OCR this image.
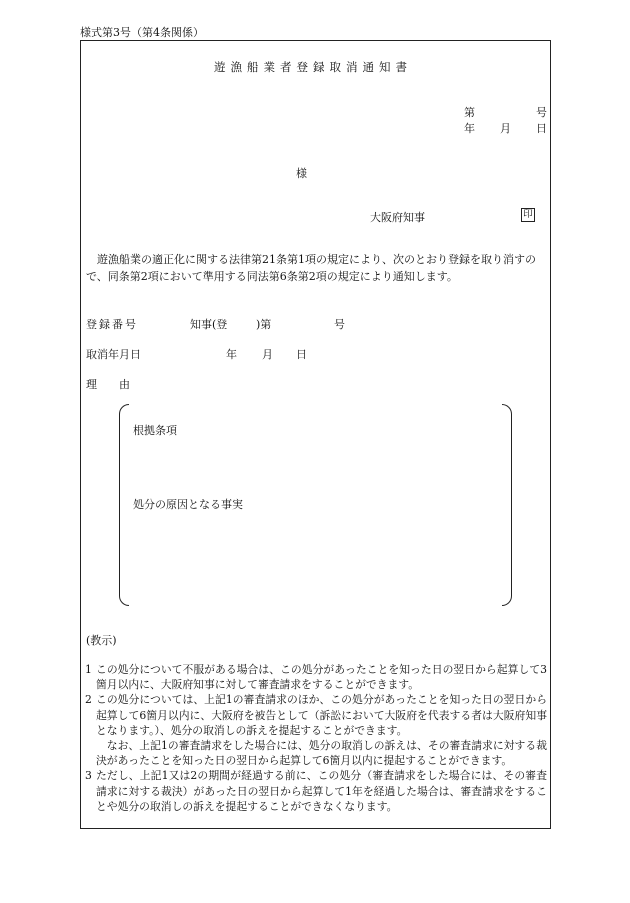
様式第3号（第4条関係）
遊漁船業者登録取消通知書
第	号
年 月 日
様
大阪府知事	印
遊漁船業の適正化に関する法律第21条第1項の規定により、次のとおり登録を取り消すので、同条第2項において準用する同法第6条第2項の規定により通知します。
登録番号	知事(登	)第	号
取消年月日	年 月 日
理　　由
根拠条項
処分の原因となる事実
(教示)
1 この処分について不服がある場合は、この処分があったことを知った日の翌日から起算して3箇月以内に、大阪府知事に対して審査請求をすることができます。
2 この処分については、上記1の審査請求のほか、この処分があったことを知った日の翌日から起算して6箇月以内に、大阪府を被告として（訴訟において大阪府を代表する者は大阪府知事となります。）、処分の取消しの訴えを提起することができます。
なお、上記1の審査請求をした場合には、処分の取消しの訴えは、その審査請求に対する裁決があったことを知った日の翌日から起算して6箇月以内に提起することができます。
3 ただし、上記1又は2の期間が経過する前に、この処分（審査請求をした場合には、その審査請求に対する裁決）があった日の翌日から起算して1年を経過した場合は、審査請求をすることや処分の取消しの訴えを提起することができなくなります。
